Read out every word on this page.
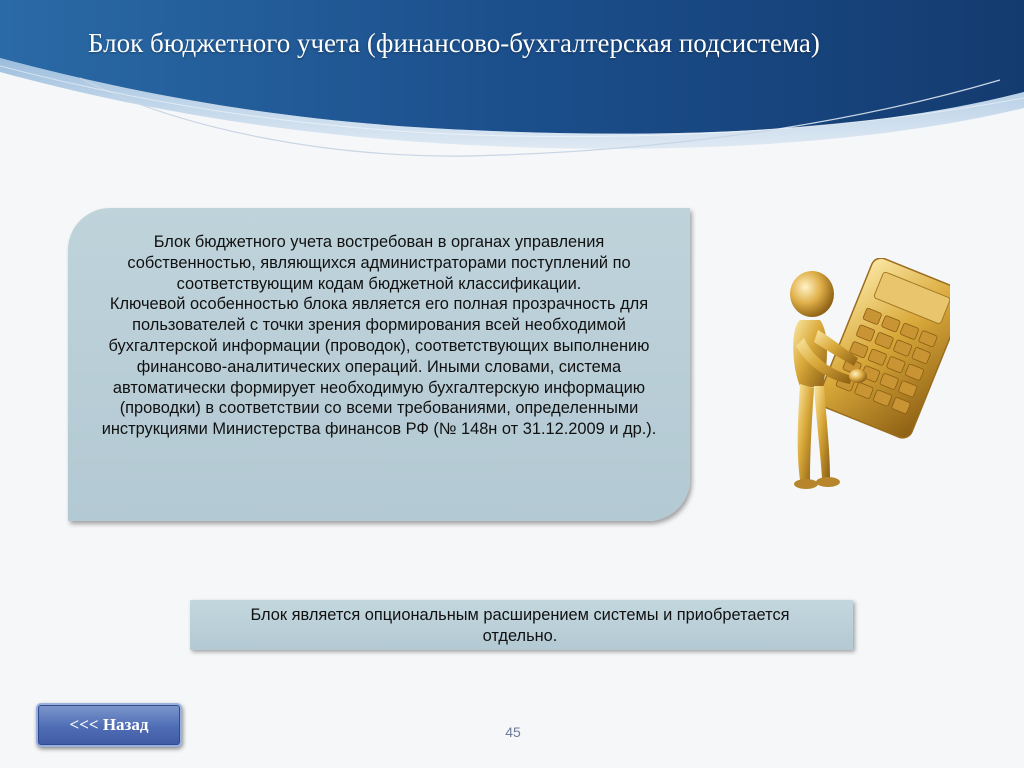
Блок бюджетного учета (финансово-бухгалтерская подсистема)

Блок бюджетного учета востребован в органах управления собственностью, являющихся администраторами поступлений по соответствующим кодам бюджетной классификации.

Ключевой особенностью блока является его полная прозрачность для пользователей с точки зрения формирования всей необходимой бухгалтерской информации (проводок), соответствующих выполнению финансово-аналитических операций. Иными словами, система автоматически формирует необходимую бухгалтерскую информацию (проводки) в соответствии со всеми требованиями, определенными инструкциями Министерства финансов РФ (№ 148н от 31.12.2009 и др.).

Блок является опциональным расширением системы и приобретается отдельно.
<<< Назад	45
